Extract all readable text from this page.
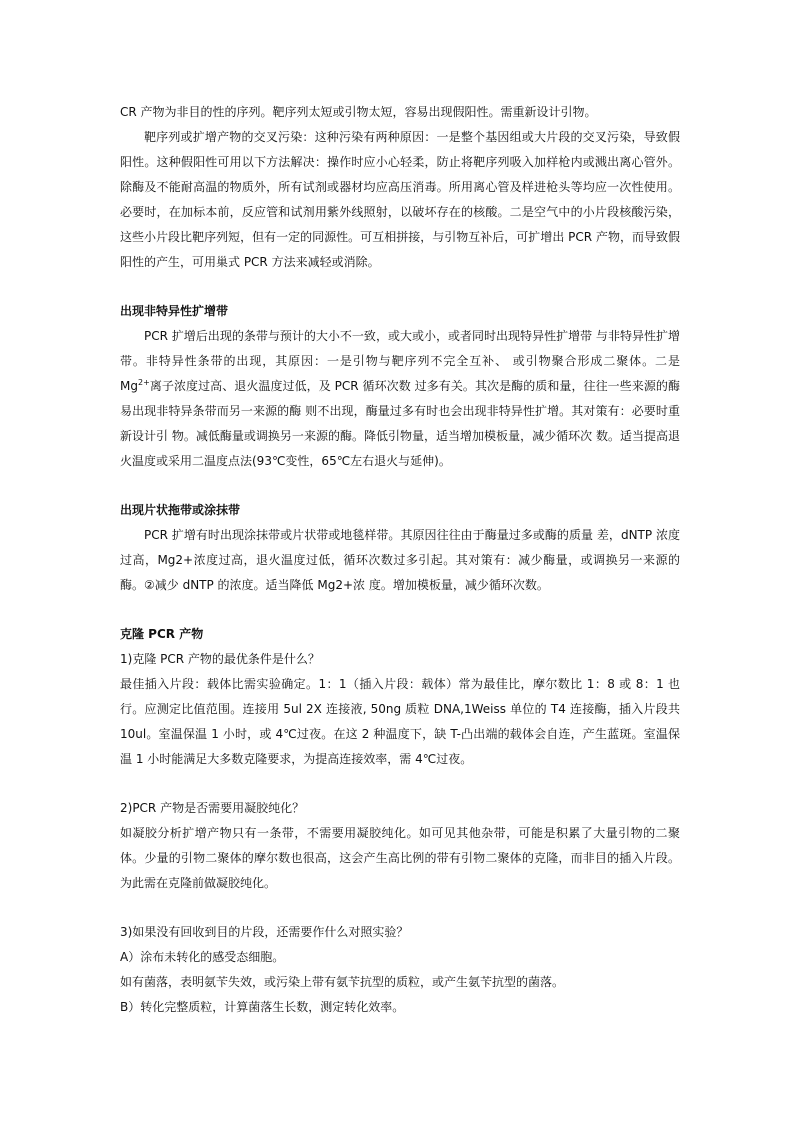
CR 产物为非目的性的序列。靶序列太短或引物太短，容易出现假阳性。需重新设计引物。

靶序列或扩增产物的交叉污染：这种污染有两种原因：一是整个基因组或大片段的交叉污染，导致假阳性。这种假阳性可用以下方法解决：操作时应小心轻柔，防止将靶序列吸入加样枪内或溅出离心管外。除酶及不能耐高温的物质外，所有试剂或器材均应高压消毒。所用离心管及样进枪头等均应一次性使用。必要时，在加标本前，反应管和试剂用紫外线照射，以破坏存在的核酸。二是空气中的小片段核酸污染，这些小片段比靶序列短，但有一定的同源性。可互相拼接，与引物互补后，可扩增出 PCR 产物，而导致假阳性的产生，可用巢式 PCR 方法来减轻或消除。

出现非特异性扩增带

PCR 扩增后出现的条带与预计的大小不一致，或大或小，或者同时出现特异性扩增带 与非特异性扩增带。非特异性条带的出现，其原因：一是引物与靶序列不完全互补、 或引物聚合形成二聚体。二是 $Mg^{2+}$离子浓度过高、退火温度过低，及 PCR 循环次数 过多有关。其次是酶的质和量，往往一些来源的酶易出现非特异条带而另一来源的酶 则不出现，酶量过多有时也会出现非特异性扩增。其对策有：必要时重新设计引 物。减低酶量或调换另一来源的酶。降低引物量，适当增加模板量，减少循环次 数。适当提高退火温度或采用二温度点法(93℃变性，65℃左右退火与延伸)。

出现片状拖带或涂抹带

PCR 扩增有时出现涂抹带或片状带或地毯样带。其原因往往由于酶量过多或酶的质量 差，dNTP 浓度过高，Mg2+浓度过高，退火温度过低，循环次数过多引起。其对策有：减少酶量，或调换另一来源的酶。②减少 dNTP 的浓度。适当降低 Mg2+浓 度。增加模板量，减少循环次数。

克隆 PCR 产物

1)克隆 PCR 产物的最优条件是什么？

最佳插入片段：载体比需实验确定。1：1（插入片段：载体）常为最佳比，摩尔数比 1：8 或 8：1 也行。应测定比值范围。连接用 5ul 2X 连接液, 50ng 质粒 DNA,1Weiss 单位的 T4 连接酶，插入片段共 10ul。室温保温 1 小时，或 4℃过夜。在这 2 种温度下，缺 T-凸出端的载体会自连，产生蓝斑。室温保温 1 小时能满足大多数克隆要求，为提高连接效率，需 4℃过夜。

2)PCR 产物是否需要用凝胶纯化？

如凝胶分析扩增产物只有一条带，不需要用凝胶纯化。如可见其他杂带，可能是积累了大量引物的二聚体。少量的引物二聚体的摩尔数也很高，这会产生高比例的带有引物二聚体的克隆，而非目的插入片段。为此需在克隆前做凝胶纯化。

3)如果没有回收到目的片段，还需要作什么对照实验？

A）涂布未转化的感受态细胞。

如有菌落，表明氨苄失效，或污染上带有氨苄抗型的质粒，或产生氨苄抗型的菌落。

B）转化完整质粒，计算菌落生长数，测定转化效率。
